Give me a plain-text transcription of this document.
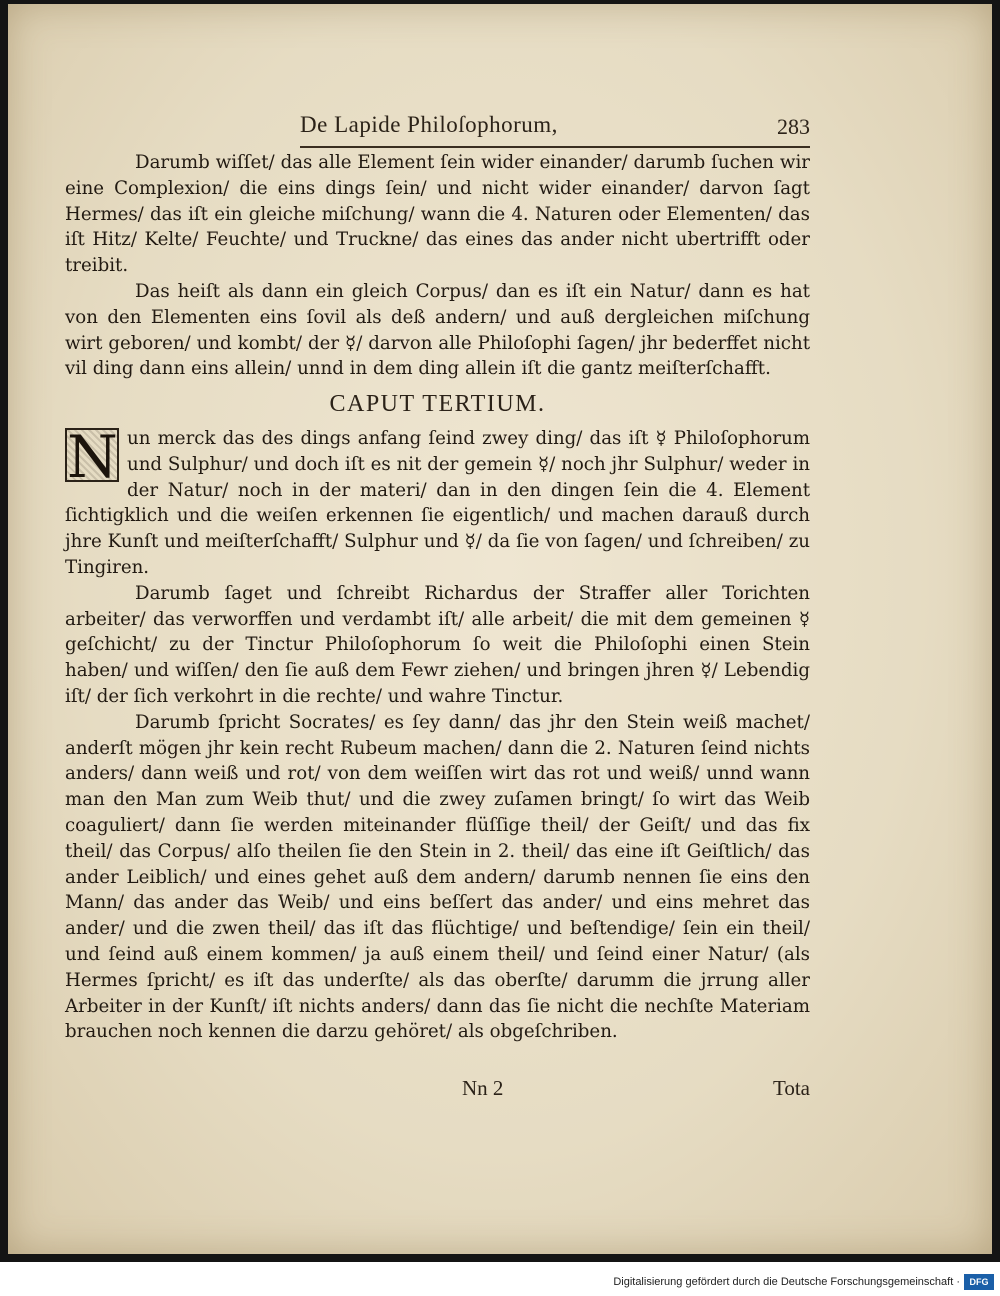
De Lapide Philoſophorum,	283

Darumb wiſſet/ das alle Element ſein wider einander/ darumb ſuchen wir eine Complexion/ die eins dings ſein/ und nicht wider einander/ darvon ſagt Hermes/ das iſt ein gleiche miſchung/ wann die 4. Naturen oder Elementen/ das iſt Hitz/ Kelte/ Feuchte/ und Truckne/ das eines das ander nicht ubertrifft oder treibit.

Das heiſt als dann ein gleich Corpus/ dan es iſt ein Natur/ dann es hat von den Elementen eins ſovil als deß andern/ und auß dergleichen miſchung wirt geboren/ und kombt/ der ☿/ darvon alle Philoſophi ſagen/ jhr bederffet nicht vil ding dann eins allein/ unnd in dem ding allein iſt die gantz meiſterſchafft.

CAPUT TERTIUM.

N un merck das des dings anfang ſeind zwey ding/ das iſt ☿ Philoſophorum und Sulphur/ und doch iſt es nit der gemein ☿/ noch jhr Sulphur/ weder in der Natur/ noch in der materi/ dan in den dingen ſein die 4. Element ſichtigklich und die weiſen erkennen ſie eigentlich/ und machen darauß durch jhre Kunſt und meiſterſchafft/ Sulphur und ☿/ da ſie von ſagen/ und ſchreiben/ zu Tingiren.

Darumb ſaget und ſchreibt Richardus der Straffer aller Torichten arbeiter/ das verworffen und verdambt iſt/ alle arbeit/ die mit dem gemeinen ☿ geſchicht/ zu der Tinctur Philoſophorum ſo weit die Philoſophi einen Stein haben/ und wiſſen/ den ſie auß dem Fewr ziehen/ und bringen jhren ☿/ Lebendig iſt/ der ſich verkohrt in die rechte/ und wahre Tinctur.

Darumb ſpricht Socrates/ es ſey dann/ das jhr den Stein weiß machet/ anderſt mögen jhr kein recht Rubeum machen/ dann die 2. Naturen ſeind nichts anders/ dann weiß und rot/ von dem weiſſen wirt das rot und weiß/ unnd wann man den Man zum Weib thut/ und die zwey zuſamen bringt/ ſo wirt das Weib coaguliert/ dann ſie werden miteinander flüſſige theil/ der Geiſt/ und das fix theil/ das Corpus/ alſo theilen ſie den Stein in 2. theil/ das eine iſt Geiſtlich/ das ander Leiblich/ und eines gehet auß dem andern/ darumb nennen ſie eins den Mann/ das ander das Weib/ und eins beſſert das ander/ und eins mehret das ander/ und die zwen theil/ das iſt das flüchtige/ und beſtendige/ ſein ein theil/ und ſeind auß einem kommen/ ja auß einem theil/ und ſeind einer Natur/ (als Hermes ſpricht/ es iſt das underſte/ als das oberſte/ darumm die jrrung aller Arbeiter in der Kunſt/ iſt nichts anders/ dann das ſie nicht die nechſte Materiam brauchen noch kennen die darzu gehöret/ als obgeſchriben.

Nn 2	Tota
Digitalisierung gefördert durch die Deutsche Forschungsgemeinschaft ·	DFG
